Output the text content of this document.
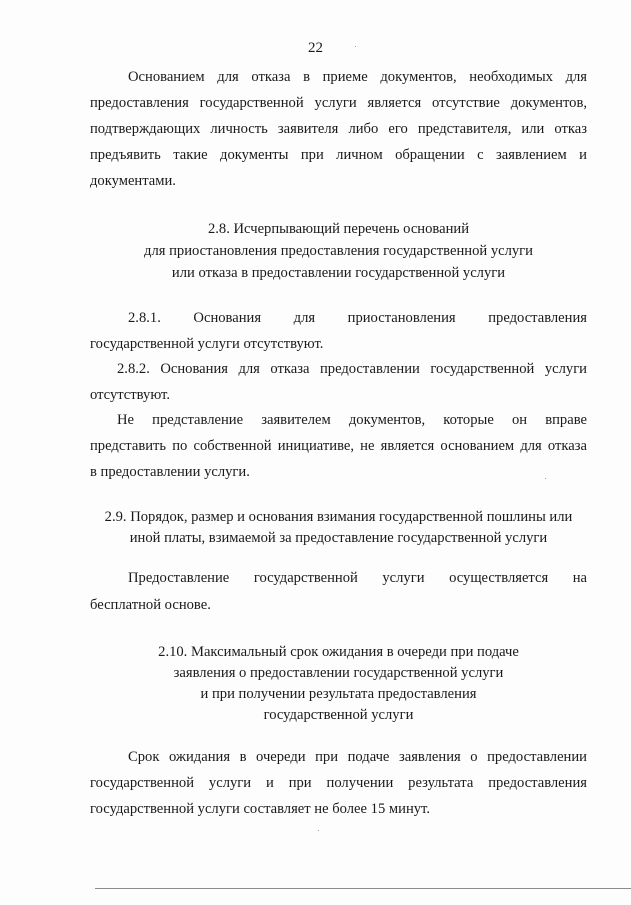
22
Основанием для отказа в приеме документов, необходимых для
предоставления государственной услуги является отсутствие документов,
подтверждающих личность заявителя либо его представителя, или отказ
предъявить такие документы при личном обращении с заявлением и
документами.
2.8. Исчерпывающий перечень оснований
для приостановления предоставления государственной услуги
или отказа в предоставлении государственной услуги
2.8.1. Основания для приостановления предоставления
государственной услуги отсутствуют.
2.8.2. Основания для отказа предоставлении государственной услуги
отсутствуют.
Не представление заявителем документов, которые он вправе
представить по собственной инициативе, не является основанием для отказа
в предоставлении услуги.
2.9. Порядок, размер и основания взимания государственной пошлины или
иной платы, взимаемой за предоставление государственной услуги
Предоставление государственной услуги осуществляется на
бесплатной основе.
2.10. Максимальный срок ожидания в очереди при подаче
заявления о предоставлении государственной услуги
и при получении результата предоставления
государственной услуги
Срок ожидания в очереди при подаче заявления о предоставлении
государственной услуги и при получении результата предоставления
государственной услуги составляет не более 15 минут.
